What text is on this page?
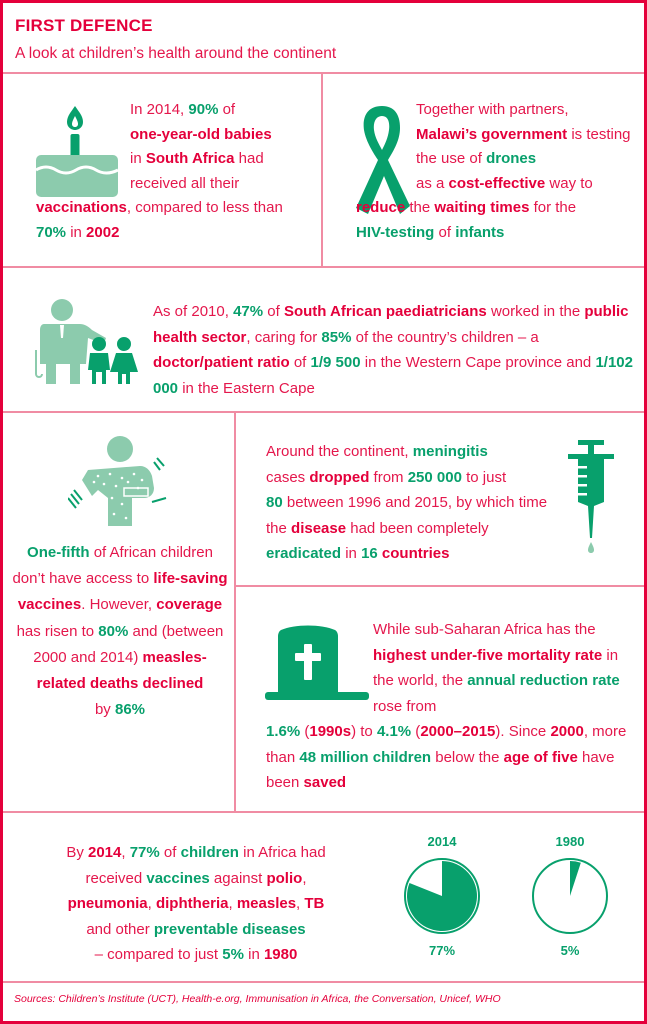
FIRST DEFENCE
A look at children’s health around the continent
In 2014, 90% of
one-year-old babies
in South Africa had received all their
vaccinations, compared to less than 70% in 2002
Together with partners,
Malawi’s government is testing the use of drones
as a cost-effective way to
reduce the waiting times for the
HIV-testing of infants
As of 2010, 47% of South African paediatricians worked in the public health sector, caring for 85% of the country’s children – a doctor/patient ratio of 1/9 500 in the Western Cape province and 1/102 000 in the Eastern Cape
One-fifth of African children don’t have access to life-saving vaccines. However, coverage has risen to 80% and (between 2000 and 2014) measles-related deaths declined
by 86%
Around the continent, meningitis
cases dropped from 250 000 to just
80 between 1996 and 2015, by which time the disease had been completely
eradicated in 16 countries
While sub-Saharan Africa has the highest under-five mortality rate in the world, the annual reduction rate rose from
1.6% (1990s) to 4.1% (2000–2015). Since 2000, more than 48 million children below the age of five have been saved
By 2014, 77% of children in Africa had received vaccines against polio,
pneumonia, diphtheria, measles, TB
and other preventable diseases
– compared to just 5% in 1980
2014
77%
1980
5%
Sources: Children’s Institute (UCT), Health-e.org, Immunisation in Africa, the Conversation, Unicef, WHO
